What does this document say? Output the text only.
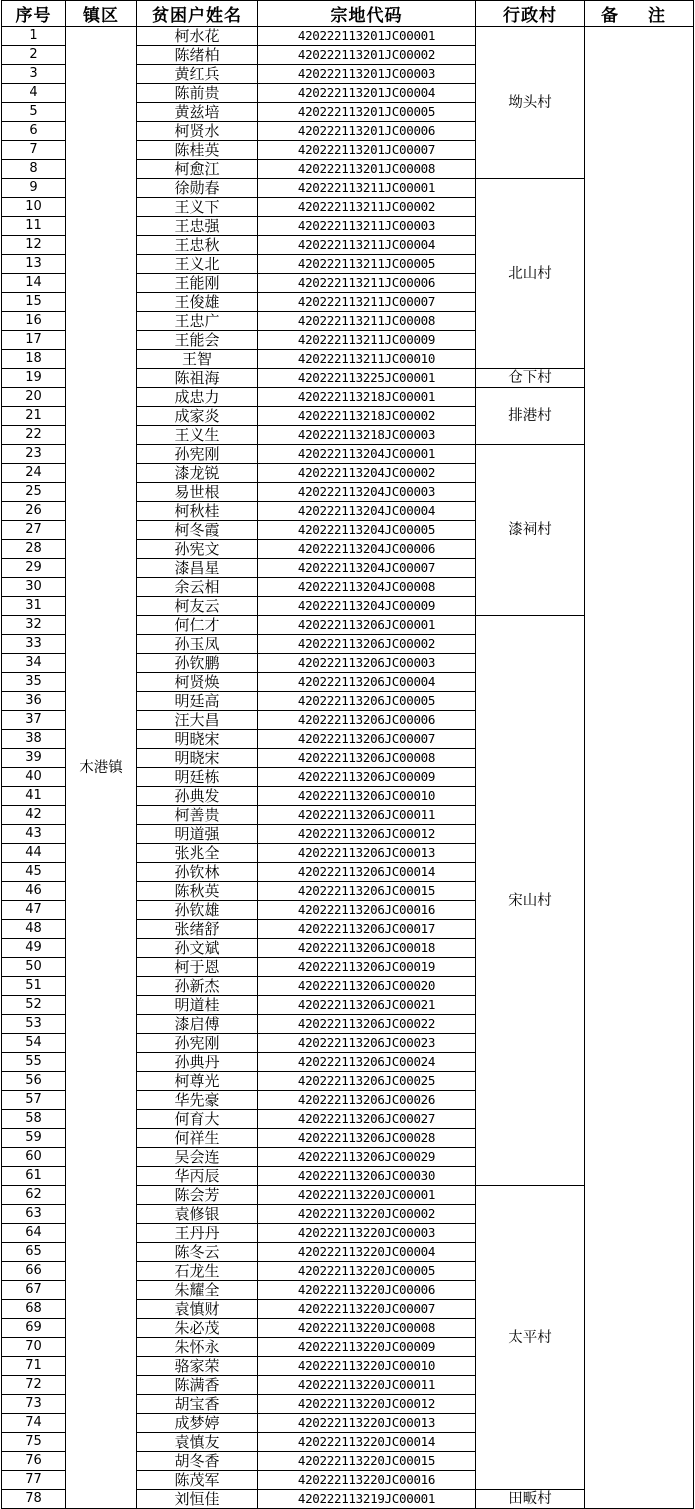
序号	镇区	贫困户姓名	宗地代码	行政村	备 注
1	木港镇	柯水花	420222113201JC00001	坳头村	
2		陈绪柏	420222113201JC00002		
3		黄红兵	420222113201JC00003		
4		陈前贵	420222113201JC00004		
5		黄兹培	420222113201JC00005		
6		柯贤水	420222113201JC00006		
7		陈桂英	420222113201JC00007		
8		柯愈江	420222113201JC00008		
9		徐勋春	420222113211JC00001	北山村	
10		王义下	420222113211JC00002		
11		王忠强	420222113211JC00003		
12		王忠秋	420222113211JC00004		
13		王义北	420222113211JC00005		
14		王能刚	420222113211JC00006		
15		王俊雄	420222113211JC00007		
16		王忠广	420222113211JC00008		
17		王能会	420222113211JC00009		
18		王智	420222113211JC00010		
19		陈祖海	420222113225JC00001	仓下村	
20		成忠力	420222113218JC00001	排港村	
21		成家炎	420222113218JC00002		
22		王义生	420222113218JC00003		
23		孙宪刚	420222113204JC00001	漆祠村	
24		漆龙锐	420222113204JC00002		
25		易世根	420222113204JC00003		
26		柯秋桂	420222113204JC00004		
27		柯冬霞	420222113204JC00005		
28		孙宪文	420222113204JC00006		
29		漆昌星	420222113204JC00007		
30		余云相	420222113204JC00008		
31		柯友云	420222113204JC00009		
32		何仁才	420222113206JC00001	宋山村	
33		孙玉凤	420222113206JC00002		
34		孙钦鹏	420222113206JC00003		
35		柯贤焕	420222113206JC00004		
36		明廷高	420222113206JC00005		
37		汪大昌	420222113206JC00006		
38		明晓宋	420222113206JC00007		
39		明晓宋	420222113206JC00008		
40		明廷栋	420222113206JC00009		
41		孙典发	420222113206JC00010		
42		柯善贵	420222113206JC00011		
43		明道强	420222113206JC00012		
44		张兆全	420222113206JC00013		
45		孙钦林	420222113206JC00014		
46		陈秋英	420222113206JC00015		
47		孙钦雄	420222113206JC00016		
48		张绪舒	420222113206JC00017		
49		孙文斌	420222113206JC00018		
50		柯于恩	420222113206JC00019		
51		孙新杰	420222113206JC00020		
52		明道桂	420222113206JC00021		
53		漆启傅	420222113206JC00022		
54		孙宪刚	420222113206JC00023		
55		孙典丹	420222113206JC00024		
56		柯尊光	420222113206JC00025		
57		华先豪	420222113206JC00026		
58		何育大	420222113206JC00027		
59		何祥生	420222113206JC00028		
60		吴会连	420222113206JC00029		
61		华丙辰	420222113206JC00030		
62		陈会芳	420222113220JC00001	太平村	
63		袁修银	420222113220JC00002		
64		王丹丹	420222113220JC00003		
65		陈冬云	420222113220JC00004		
66		石龙生	420222113220JC00005		
67		朱耀全	420222113220JC00006		
68		袁慎财	420222113220JC00007		
69		朱必茂	420222113220JC00008		
70		朱怀永	420222113220JC00009		
71		骆家荣	420222113220JC00010		
72		陈满香	420222113220JC00011		
73		胡宝香	420222113220JC00012		
74		成梦婷	420222113220JC00013		
75		袁慎友	420222113220JC00014		
76		胡冬香	420222113220JC00015		
77		陈茂军	420222113220JC00016		
78		刘恒佳	420222113219JC00001	田畈村	
